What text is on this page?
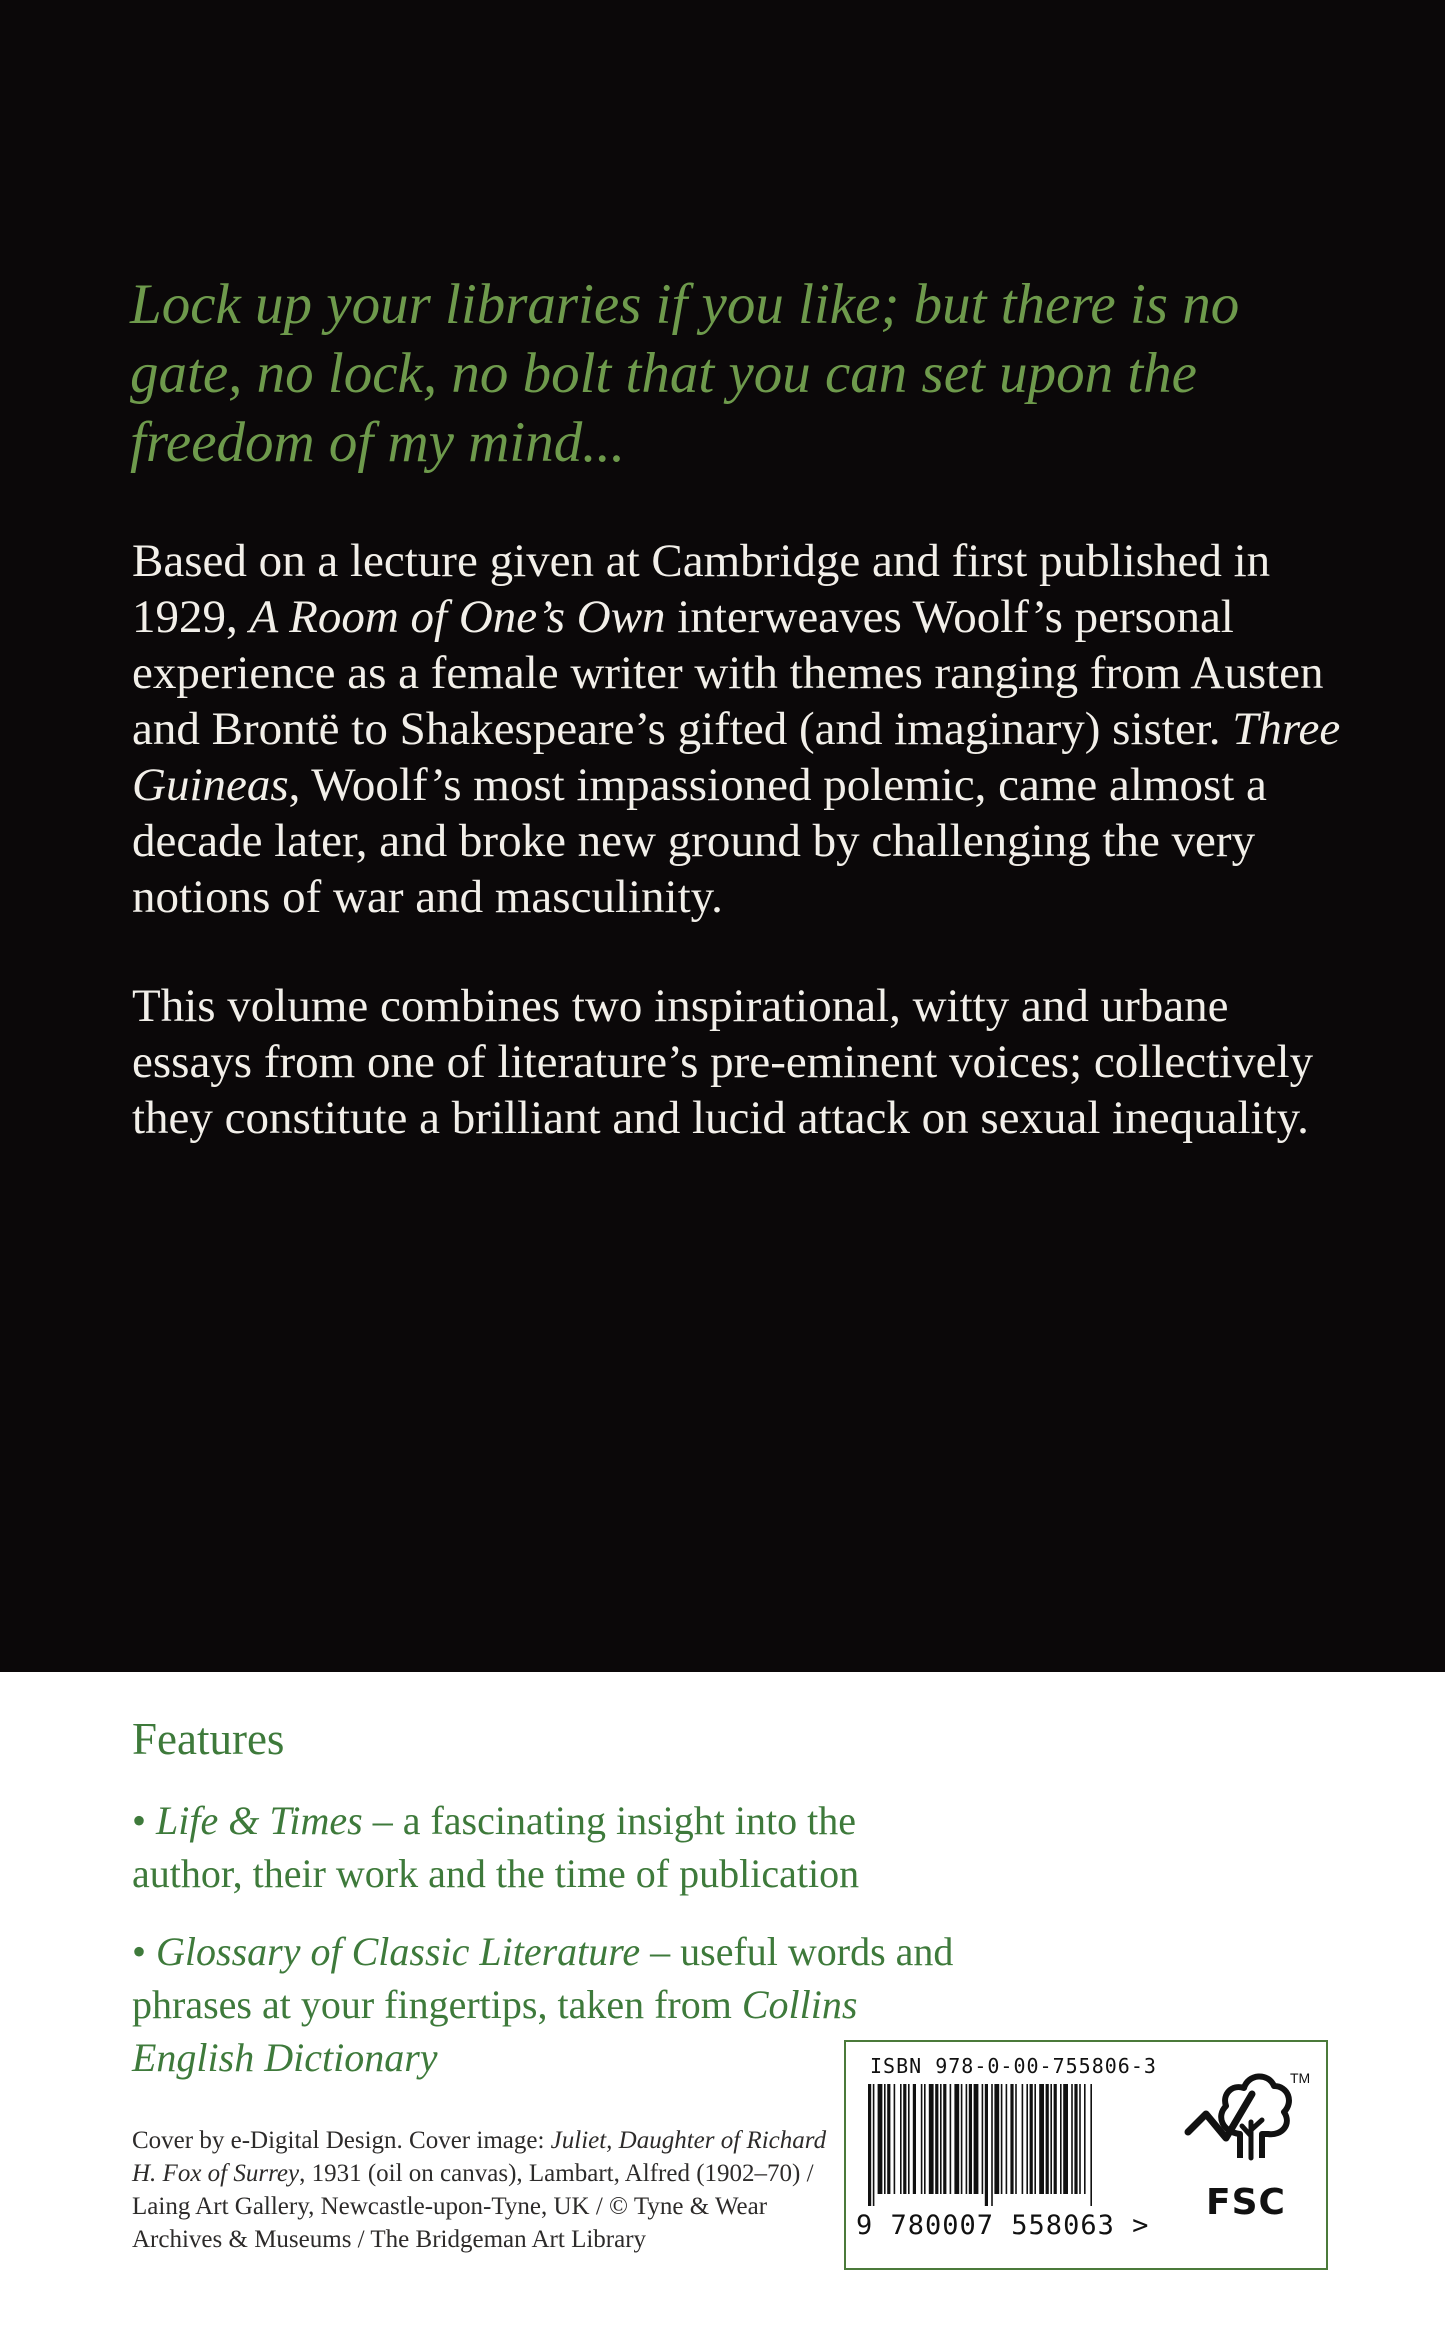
Lock up your libraries if you like; but there is no gate, no lock, no bolt that you can set upon the freedom of my mind...

Based on a lecture given at Cambridge and first published in 1929, A Room of One’s Own interweaves Woolf’s personal experience as a female writer with themes ranging from Austen and Brontë to Shakespeare’s gifted (and imaginary) sister. Three Guineas, Woolf’s most impassioned polemic, came almost a decade later, and broke new ground by challenging the very notions of war and masculinity.

This volume combines two inspirational, witty and urbane essays from one of literature’s pre-eminent voices; collectively they constitute a brilliant and lucid attack on sexual inequality.

Features

• Life & Times – a fascinating insight into the author, their work and the time of publication

• Glossary of Classic Literature – useful words and phrases at your fingertips, taken from Collins English Dictionary

Cover by e-Digital Design. Cover image: Juliet, Daughter of Richard H. Fox of Surrey, 1931 (oil on canvas), Lambart, Alfred (1902–70) / Laing Art Gallery, Newcastle-upon-Tyne, UK / © Tyne & Wear Archives & Museums / The Bridgeman Art Library

ISBN 978-0-00-755806-3
9 780007 558063 >
TM
FSC
